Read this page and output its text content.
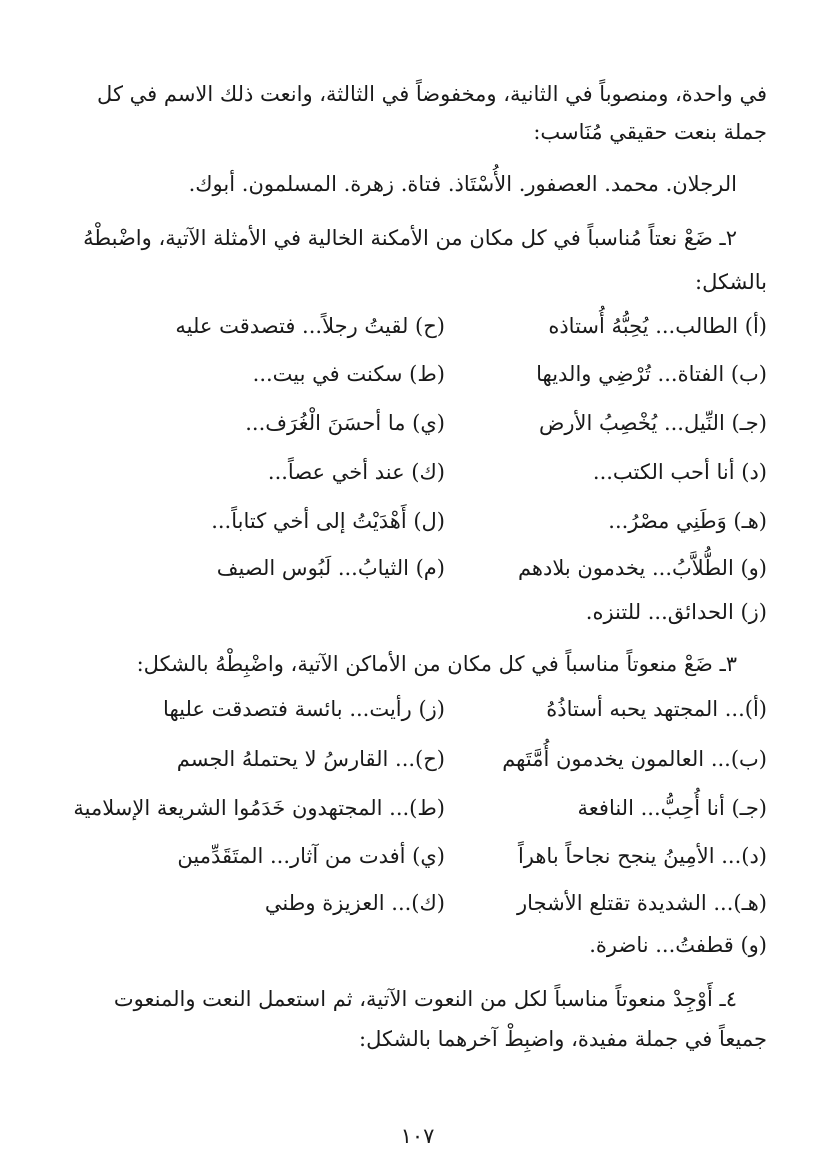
في واحدة، ومنصوباً في الثانية، ومخفوضاً في الثالثة، وانعت ذلك الاسم في كل
جملة بنعت حقيقي مُنَاسب:
الرجلان. محمد. العصفور. الأُسْتَاذ. فتاة. زهرة. المسلمون. أبوك.
٢ـ ضَعْ نعتاً مُناسباً في كل مكان من الأمكنة الخالية في الأمثلة الآتية، واضْبطْهُ
بالشكل:
(أ) الطالب... يُحِبُّهُ أُستاذه
(ح) لقيتُ رجلاً... فتصدقت عليه
(ب) الفتاة... تُرْضِي والديها
(ط) سكنت في بيت...
(جـ) النِّيل... يُخْصِبُ الأرض
(ي) ما أحسَنَ الْغُرَف...
(د) أنا أحب الكتب...
(ك) عند أخي عصاً...
(هـ) وَطَنِي مصْرُ...
(ل) أَهْدَيْتُ إلى أخي كتاباً...
(و) الطُّلاَّبُ... يخدمون بلادهم
(م) الثيابُ... لَبُوس الصيف
(ز) الحدائق... للتنزه.
٣ـ ضَعْ منعوتاً مناسباً في كل مكان من الأماكن الآتية، واضْبِطْهُ بالشكل:
(أ)... المجتهد يحبه أستاذُهُ
(ز) رأيت... بائسة فتصدقت عليها
(ب)... العالمون يخدمون أُمَّتَهم
(ح)... القارسُ لا يحتملهُ الجسم
(جـ) أنا أُحِبُّ... النافعة
(ط)... المجتهدون خَدَمُوا الشريعة الإسلامية
(د)... الأمِينُ ينجح نجاحاً باهراً
(ي) أفدت من آثار... المتَقَدِّمين
(هـ)... الشديدة تقتلع الأشجار
(ك)... العزيزة وطني
(و) قطفتُ... ناضرة.
٤ـ أَوْجِدْ منعوتاً مناسباً لكل من النعوت الآتية، ثم استعمل النعت والمنعوت
جميعاً في جملة مفيدة، واضبِطْ آخرهما بالشكل:
١٠٧
